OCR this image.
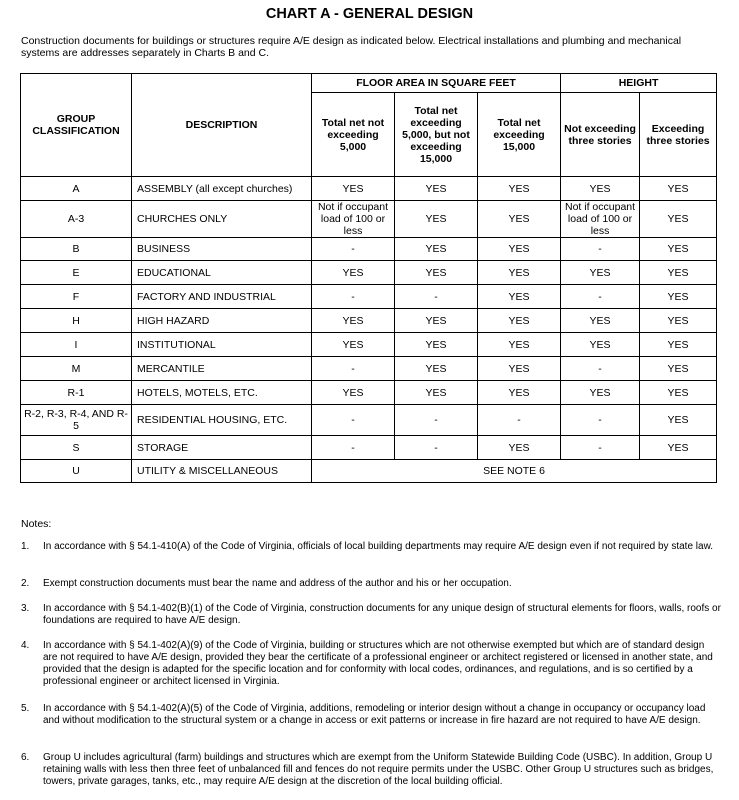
CHART A - GENERAL DESIGN
Construction documents for buildings or structures require A/E design as indicated below. Electrical installations and plumbing and mechanical systems are addresses separately in Charts B and C.
GROUP CLASSIFICATION	DESCRIPTION	FLOOR AREA IN SQUARE FEET			HEIGHT	
		Total net not exceeding 5,000	Total net exceeding 5,000, but not exceeding 15,000	Total net exceeding 15,000	Not exceeding three stories	Exceeding three stories
A	ASSEMBLY (all except churches)	YES	YES	YES	YES	YES
A-3	CHURCHES ONLY	Not if occupant load of 100 or less	YES	YES	Not if occupant load of 100 or less	YES
B	BUSINESS	-	YES	YES	-	YES
E	EDUCATIONAL	YES	YES	YES	YES	YES
F	FACTORY AND INDUSTRIAL	-	-	YES	-	YES
H	HIGH HAZARD	YES	YES	YES	YES	YES
I	INSTITUTIONAL	YES	YES	YES	YES	YES
M	MERCANTILE	-	YES	YES	-	YES
R-1	HOTELS, MOTELS, ETC.	YES	YES	YES	YES	YES
R-2, R-3, R-4, AND R-5	RESIDENTIAL HOUSING, ETC.	-	-	-	-	YES
S	STORAGE	-	-	YES	-	YES
U	UTILITY & MISCELLANEOUS	SEE NOTE 6				
Notes:
1. In accordance with § 54.1-410(A) of the Code of Virginia, officials of local building departments may require A/E design even if not required by state law.
2. Exempt construction documents must bear the name and address of the author and his or her occupation.
3. In accordance with § 54.1-402(B)(1) of the Code of Virginia, construction documents for any unique design of structural elements for floors, walls, roofs or foundations are required to have A/E design.
4. In accordance with § 54.1-402(A)(9) of the Code of Virginia, building or structures which are not otherwise exempted but which are of standard design are not required to have A/E design, provided they bear the certificate of a professional engineer or architect registered or licensed in another state, and provided that the design is adapted for the specific location and for conformity with local codes, ordinances, and regulations, and is so certified by a professional engineer or architect licensed in Virginia.
5. In accordance with § 54.1-402(A)(5) of the Code of Virginia, additions, remodeling or interior design without a change in occupancy or occupancy load and without modification to the structural system or a change in access or exit patterns or increase in fire hazard are not required to have A/E design.
6. Group U includes agricultural (farm) buildings and structures which are exempt from the Uniform Statewide Building Code (USBC). In addition, Group U retaining walls with less then three feet of unbalanced fill and fences do not require permits under the USBC. Other Group U structures such as bridges, towers, private garages, tanks, etc., may require A/E design at the discretion of the local building official.
